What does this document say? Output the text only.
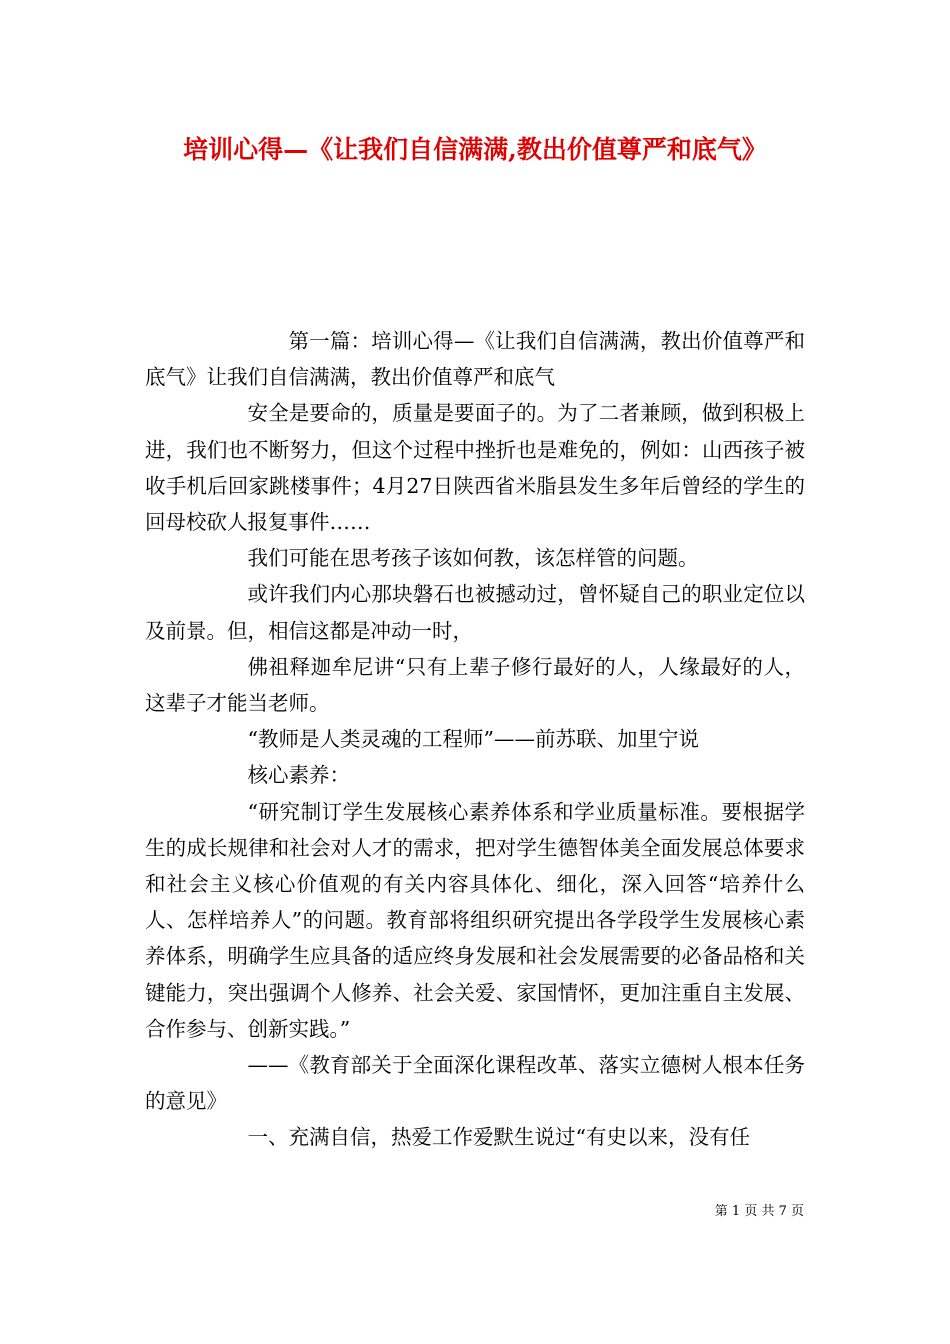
培训心得—《让我们自信满满,教出价值尊严和底气》

第一篇：培训心得—《让我们自信满满，教出价值尊严和底气》让我们自信满满，教出价值尊严和底气

安全是要命的，质量是要面子的。为了二者兼顾，做到积极上进，我们也不断努力，但这个过程中挫折也是难免的，例如：山西孩子被收手机后回家跳楼事件；4月27日陕西省米脂县发生多年后曾经的学生的回母校砍人报复事件……

我们可能在思考孩子该如何教，该怎样管的问题。

或许我们内心那块磐石也被撼动过，曾怀疑自己的职业定位以及前景。但，相信这都是冲动一时，

佛祖释迦牟尼讲“只有上辈子修行最好的人，人缘最好的人，这辈子才能当老师。

“教师是人类灵魂的工程师”——前苏联、加里宁说

核心素养：

“研究制订学生发展核心素养体系和学业质量标准。要根据学生的成长规律和社会对人才的需求，把对学生德智体美全面发展总体要求和社会主义核心价值观的有关内容具体化、细化，深入回答“培养什么人、怎样培养人”的问题。教育部将组织研究提出各学段学生发展核心素养体系，明确学生应具备的适应终身发展和社会发展需要的必备品格和关键能力，突出强调个人修养、社会关爱、家国情怀，更加注重自主发展、合作参与、创新实践。”

——《教育部关于全面深化课程改革、落实立德树人根本任务的意见》

一、充满自信，热爱工作爱默生说过“有史以来，没有任

第 1 页 共 7 页
